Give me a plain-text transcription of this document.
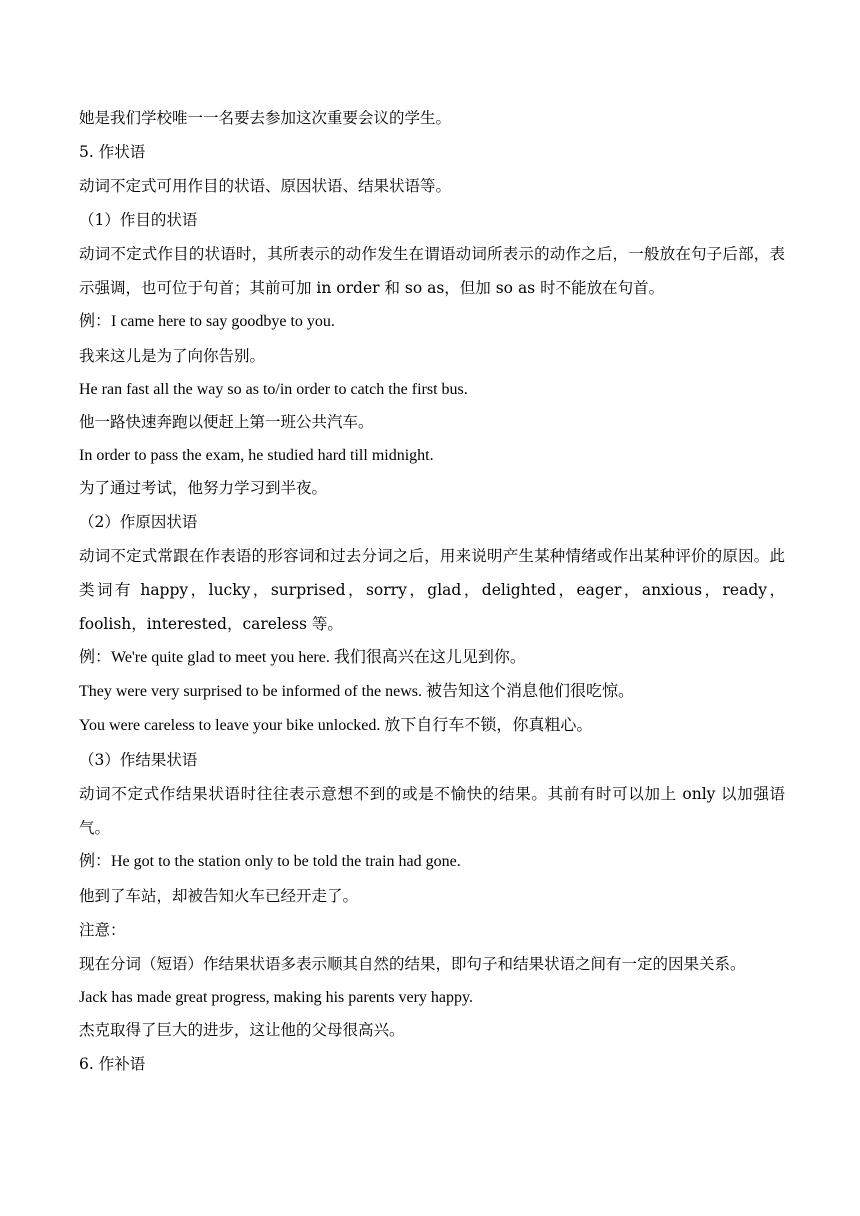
她是我们学校唯一一名要去参加这次重要会议的学生。
5. 作状语
动词不定式可用作目的状语、原因状语、结果状语等。
（1）作目的状语
动词不定式作目的状语时，其所表示的动作发生在谓语动词所表示的动作之后，一般放在句子后部，表示强调，也可位于句首；其前可加 in order 和 so as，但加 so as 时不能放在句首。
例：I came here to say goodbye to you.
我来这儿是为了向你告别。
He ran fast all the way so as to/in order to catch the first bus.
他一路快速奔跑以便赶上第一班公共汽车。
In order to pass the exam, he studied hard till midnight.
为了通过考试，他努力学习到半夜。
（2）作原因状语
动词不定式常跟在作表语的形容词和过去分词之后，用来说明产生某种情绪或作出某种评价的原因。此类词有 happy，lucky，surprised，sorry，glad，delighted，eager，anxious，ready，foolish，interested，careless 等。
例：We're quite glad to meet you here. 我们很高兴在这儿见到你。
They were very surprised to be informed of the news. 被告知这个消息他们很吃惊。
You were careless to leave your bike unlocked. 放下自行车不锁，你真粗心。
（3）作结果状语
动词不定式作结果状语时往往表示意想不到的或是不愉快的结果。其前有时可以加上 only 以加强语气。
例：He got to the station only to be told the train had gone.
他到了车站，却被告知火车已经开走了。
注意：
现在分词（短语）作结果状语多表示顺其自然的结果，即句子和结果状语之间有一定的因果关系。
Jack has made great progress, making his parents very happy.
杰克取得了巨大的进步，这让他的父母很高兴。
6. 作补语
